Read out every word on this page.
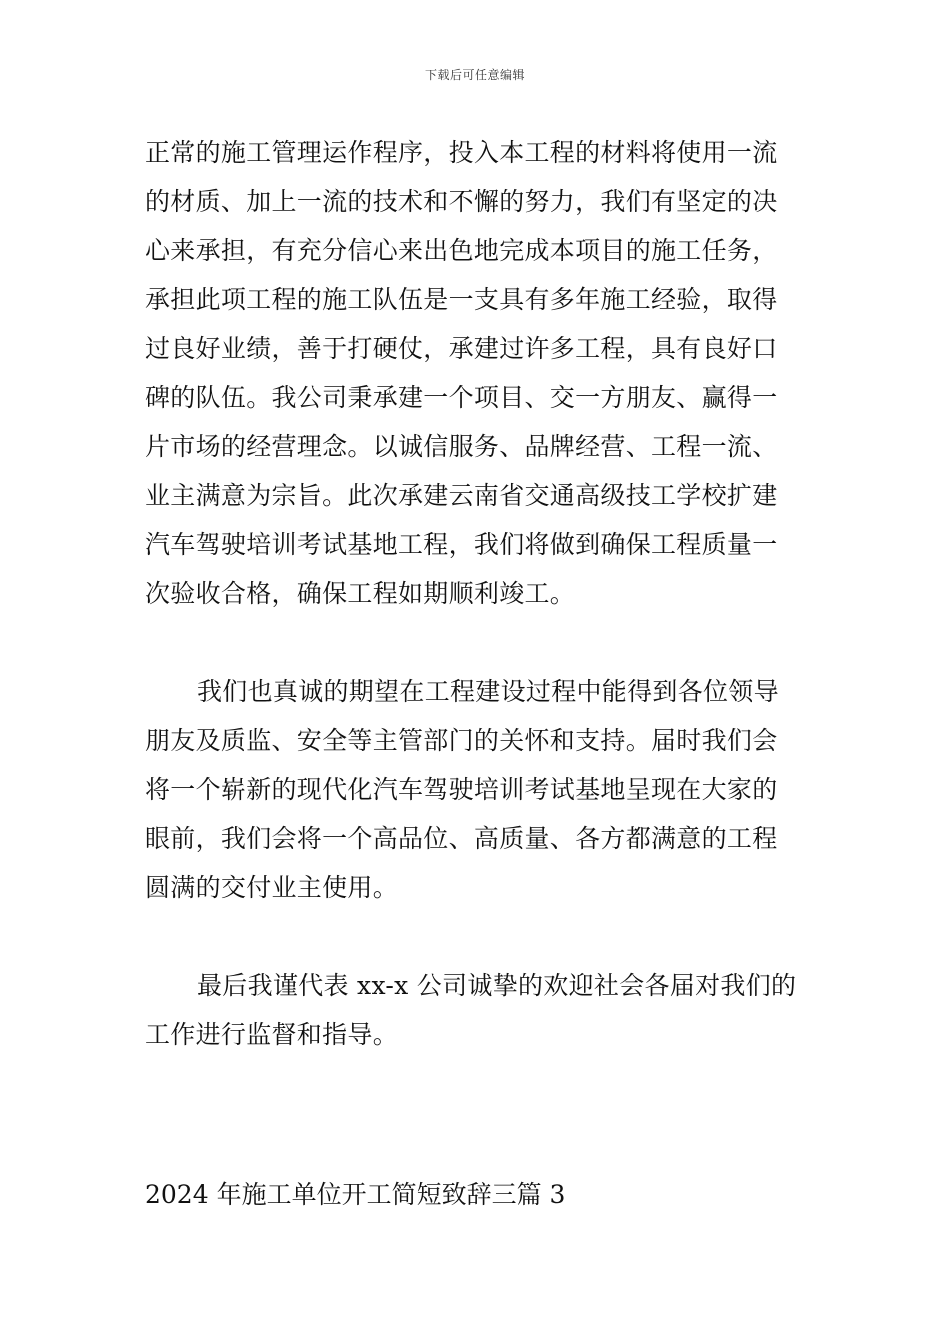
下载后可任意编辑
正常的施工管理运作程序，投入本工程的材料将使用一流
的材质、加上一流的技术和不懈的努力，我们有坚定的决
心来承担，有充分信心来出色地完成本项目的施工任务，
承担此项工程的施工队伍是一支具有多年施工经验，取得
过良好业绩，善于打硬仗，承建过许多工程，具有良好口
碑的队伍。我公司秉承建一个项目、交一方朋友、赢得一
片市场的经营理念。以诚信服务、品牌经营、工程一流、
业主满意为宗旨。此次承建云南省交通高级技工学校扩建
汽车驾驶培训考试基地工程，我们将做到确保工程质量一
次验收合格，确保工程如期顺利竣工。
我们也真诚的期望在工程建设过程中能得到各位领导
朋友及质监、安全等主管部门的关怀和支持。届时我们会
将一个崭新的现代化汽车驾驶培训考试基地呈现在大家的
眼前，我们会将一个高品位、高质量、各方都满意的工程
圆满的交付业主使用。
最后我谨代表 xx-x 公司诚挚的欢迎社会各届对我们的
工作进行监督和指导。
2024 年施工单位开工简短致辞三篇 3
